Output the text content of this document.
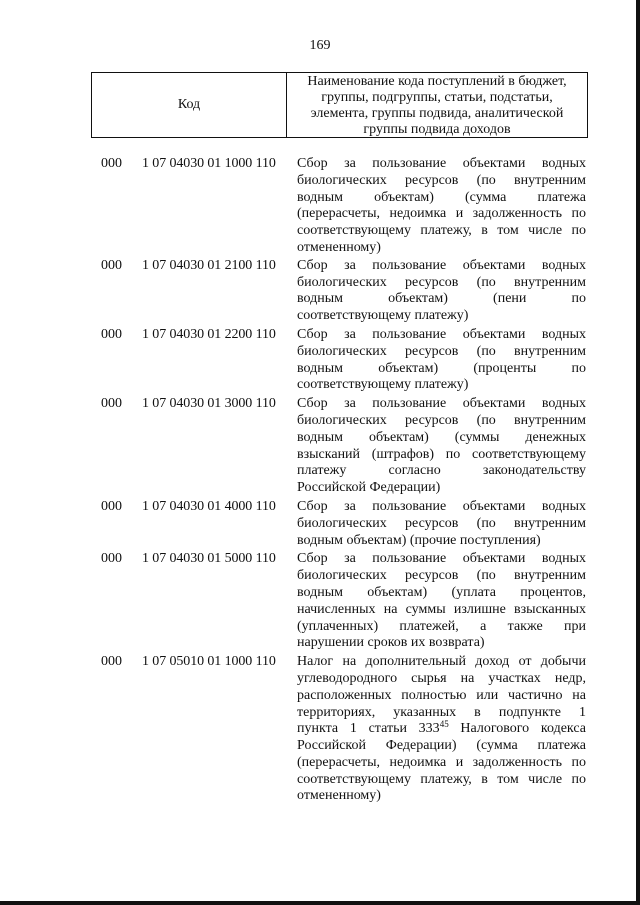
169
Код
Наименование кода поступлений в бюджет,
группы, подгруппы, статьи, подстатьи,
элемента, группы подвида, аналитической
группы подвида доходов
000 1 07 04030 01 1000 110 Сбор за пользование объектами водных
биологических ресурсов (по внутренним
водным объектам) (сумма платежа
(перерасчеты, недоимка и задолженность по
соответствующему платежу, в том числе по
отмененному)
000 1 07 04030 01 2100 110 Сбор за пользование объектами водных
биологических ресурсов (по внутренним
водным объектам) (пени по
соответствующему платежу)
000 1 07 04030 01 2200 110 Сбор за пользование объектами водных
биологических ресурсов (по внутренним
водным объектам) (проценты по
соответствующему платежу)
000 1 07 04030 01 3000 110 Сбор за пользование объектами водных
биологических ресурсов (по внутренним
водным объектам) (суммы денежных
взысканий (штрафов) по соответствующему
платежу согласно законодательству
Российской Федерации)
000 1 07 04030 01 4000 110 Сбор за пользование объектами водных
биологических ресурсов (по внутренним
водным объектам) (прочие поступления)
000 1 07 04030 01 5000 110 Сбор за пользование объектами водных
биологических ресурсов (по внутренним
водным объектам) (уплата процентов,
начисленных на суммы излишне взысканных
(уплаченных) платежей, а также при
нарушении сроков их возврата)
000 1 07 05010 01 1000 110 Налог на дополнительный доход от добычи
углеводородного сырья на участках недр,
расположенных полностью или частично на
территориях, указанных в подпункте 1
пункта 1 статьи $333^{45}$ Налогового кодекса
Российской Федерации) (сумма платежа
(перерасчеты, недоимка и задолженность по
соответствующему платежу, в том числе по
отмененному)
